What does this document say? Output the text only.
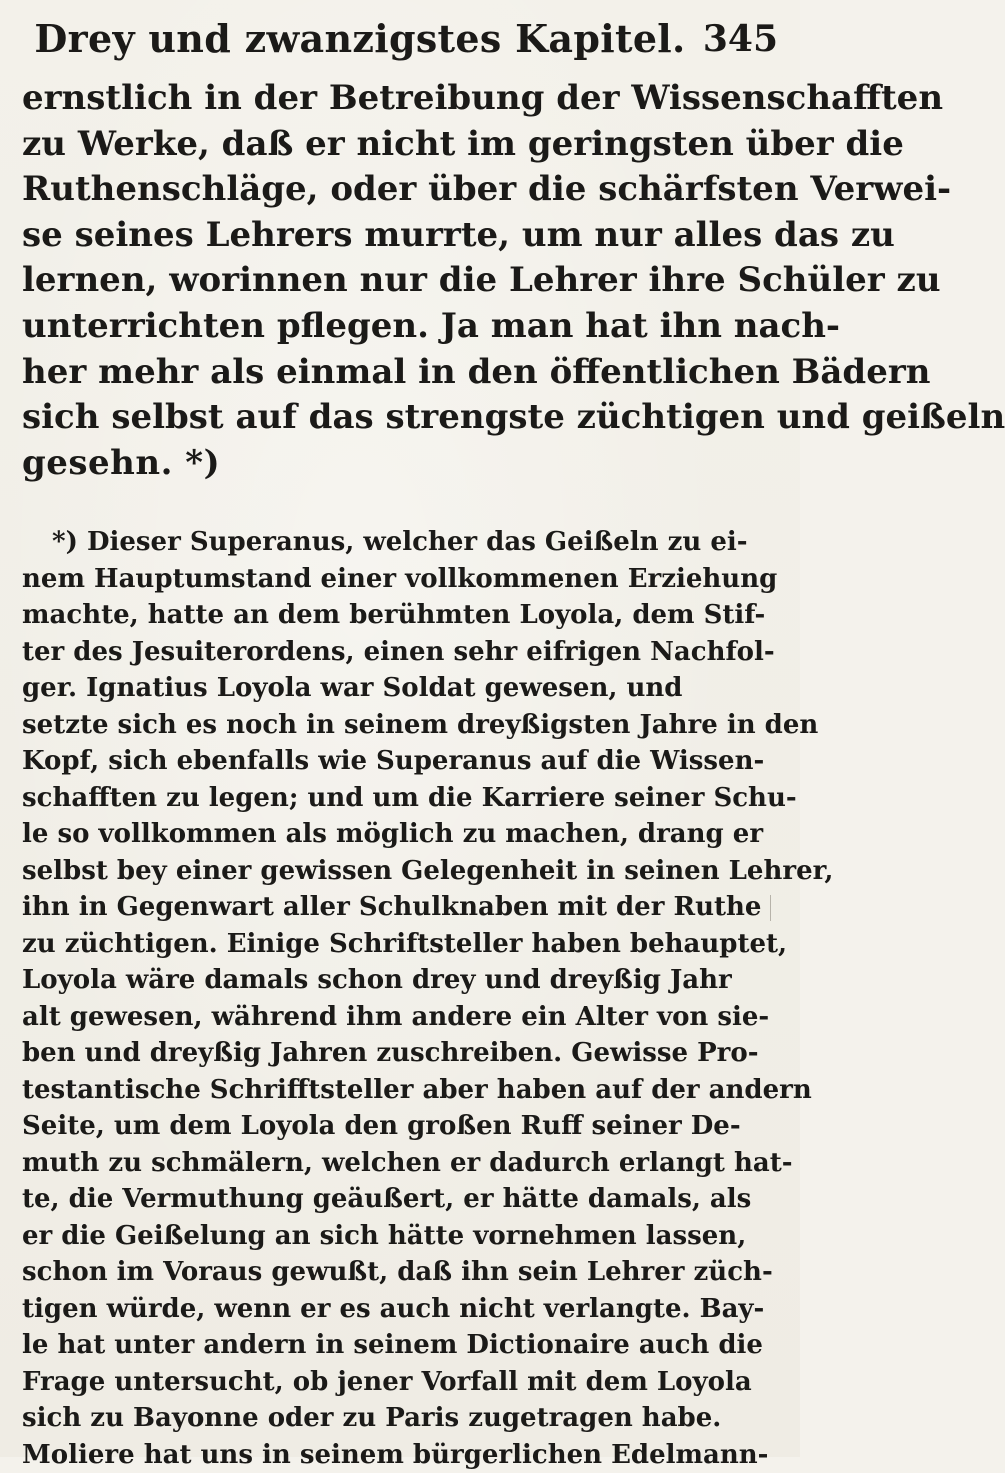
Drey und zwanzigstes Kapitel. 345
ernstlich in der Betreibung der Wissenschafften
zu Werke, daß er nicht im geringsten über die
Ruthenschläge, oder über die schärfsten Verwei-
se seines Lehrers murrte, um nur alles das zu
lernen, worinnen nur die Lehrer ihre Schüler zu
unterrichten pflegen. Ja man hat ihn nach-
her mehr als einmal in den öffentlichen Bädern
sich selbst auf das strengste züchtigen und geißeln
gesehn. *)
*) Dieser Superanus, welcher das Geißeln zu ei-
nem Hauptumstand einer vollkommenen Erziehung
machte, hatte an dem berühmten Loyola, dem Stif-
ter des Jesuiterordens, einen sehr eifrigen Nachfol-
ger. Ignatius Loyola war Soldat gewesen, und
setzte sich es noch in seinem dreyßigsten Jahre in den
Kopf, sich ebenfalls wie Superanus auf die Wissen-
schafften zu legen; und um die Karriere seiner Schu-
le so vollkommen als möglich zu machen, drang er
selbst bey einer gewissen Gelegenheit in seinen Lehrer,
ihn in Gegenwart aller Schulknaben mit der Ruthe
zu züchtigen. Einige Schriftsteller haben behauptet,
Loyola wäre damals schon drey und dreyßig Jahr
alt gewesen, während ihm andere ein Alter von sie-
ben und dreyßig Jahren zuschreiben. Gewisse Pro-
testantische Schrifftsteller aber haben auf der andern
Seite, um dem Loyola den großen Ruff seiner De-
muth zu schmälern, welchen er dadurch erlangt hat-
te, die Vermuthung geäußert, er hätte damals, als
er die Geißelung an sich hätte vornehmen lassen,
schon im Voraus gewußt, daß ihn sein Lehrer züch-
tigen würde, wenn er es auch nicht verlangte. Bay-
le hat unter andern in seinem Dictionaire auch die
Frage untersucht, ob jener Vorfall mit dem Loyola
sich zu Bayonne oder zu Paris zugetragen habe.
Moliere hat uns in seinem bürgerlichen Edelmann-
